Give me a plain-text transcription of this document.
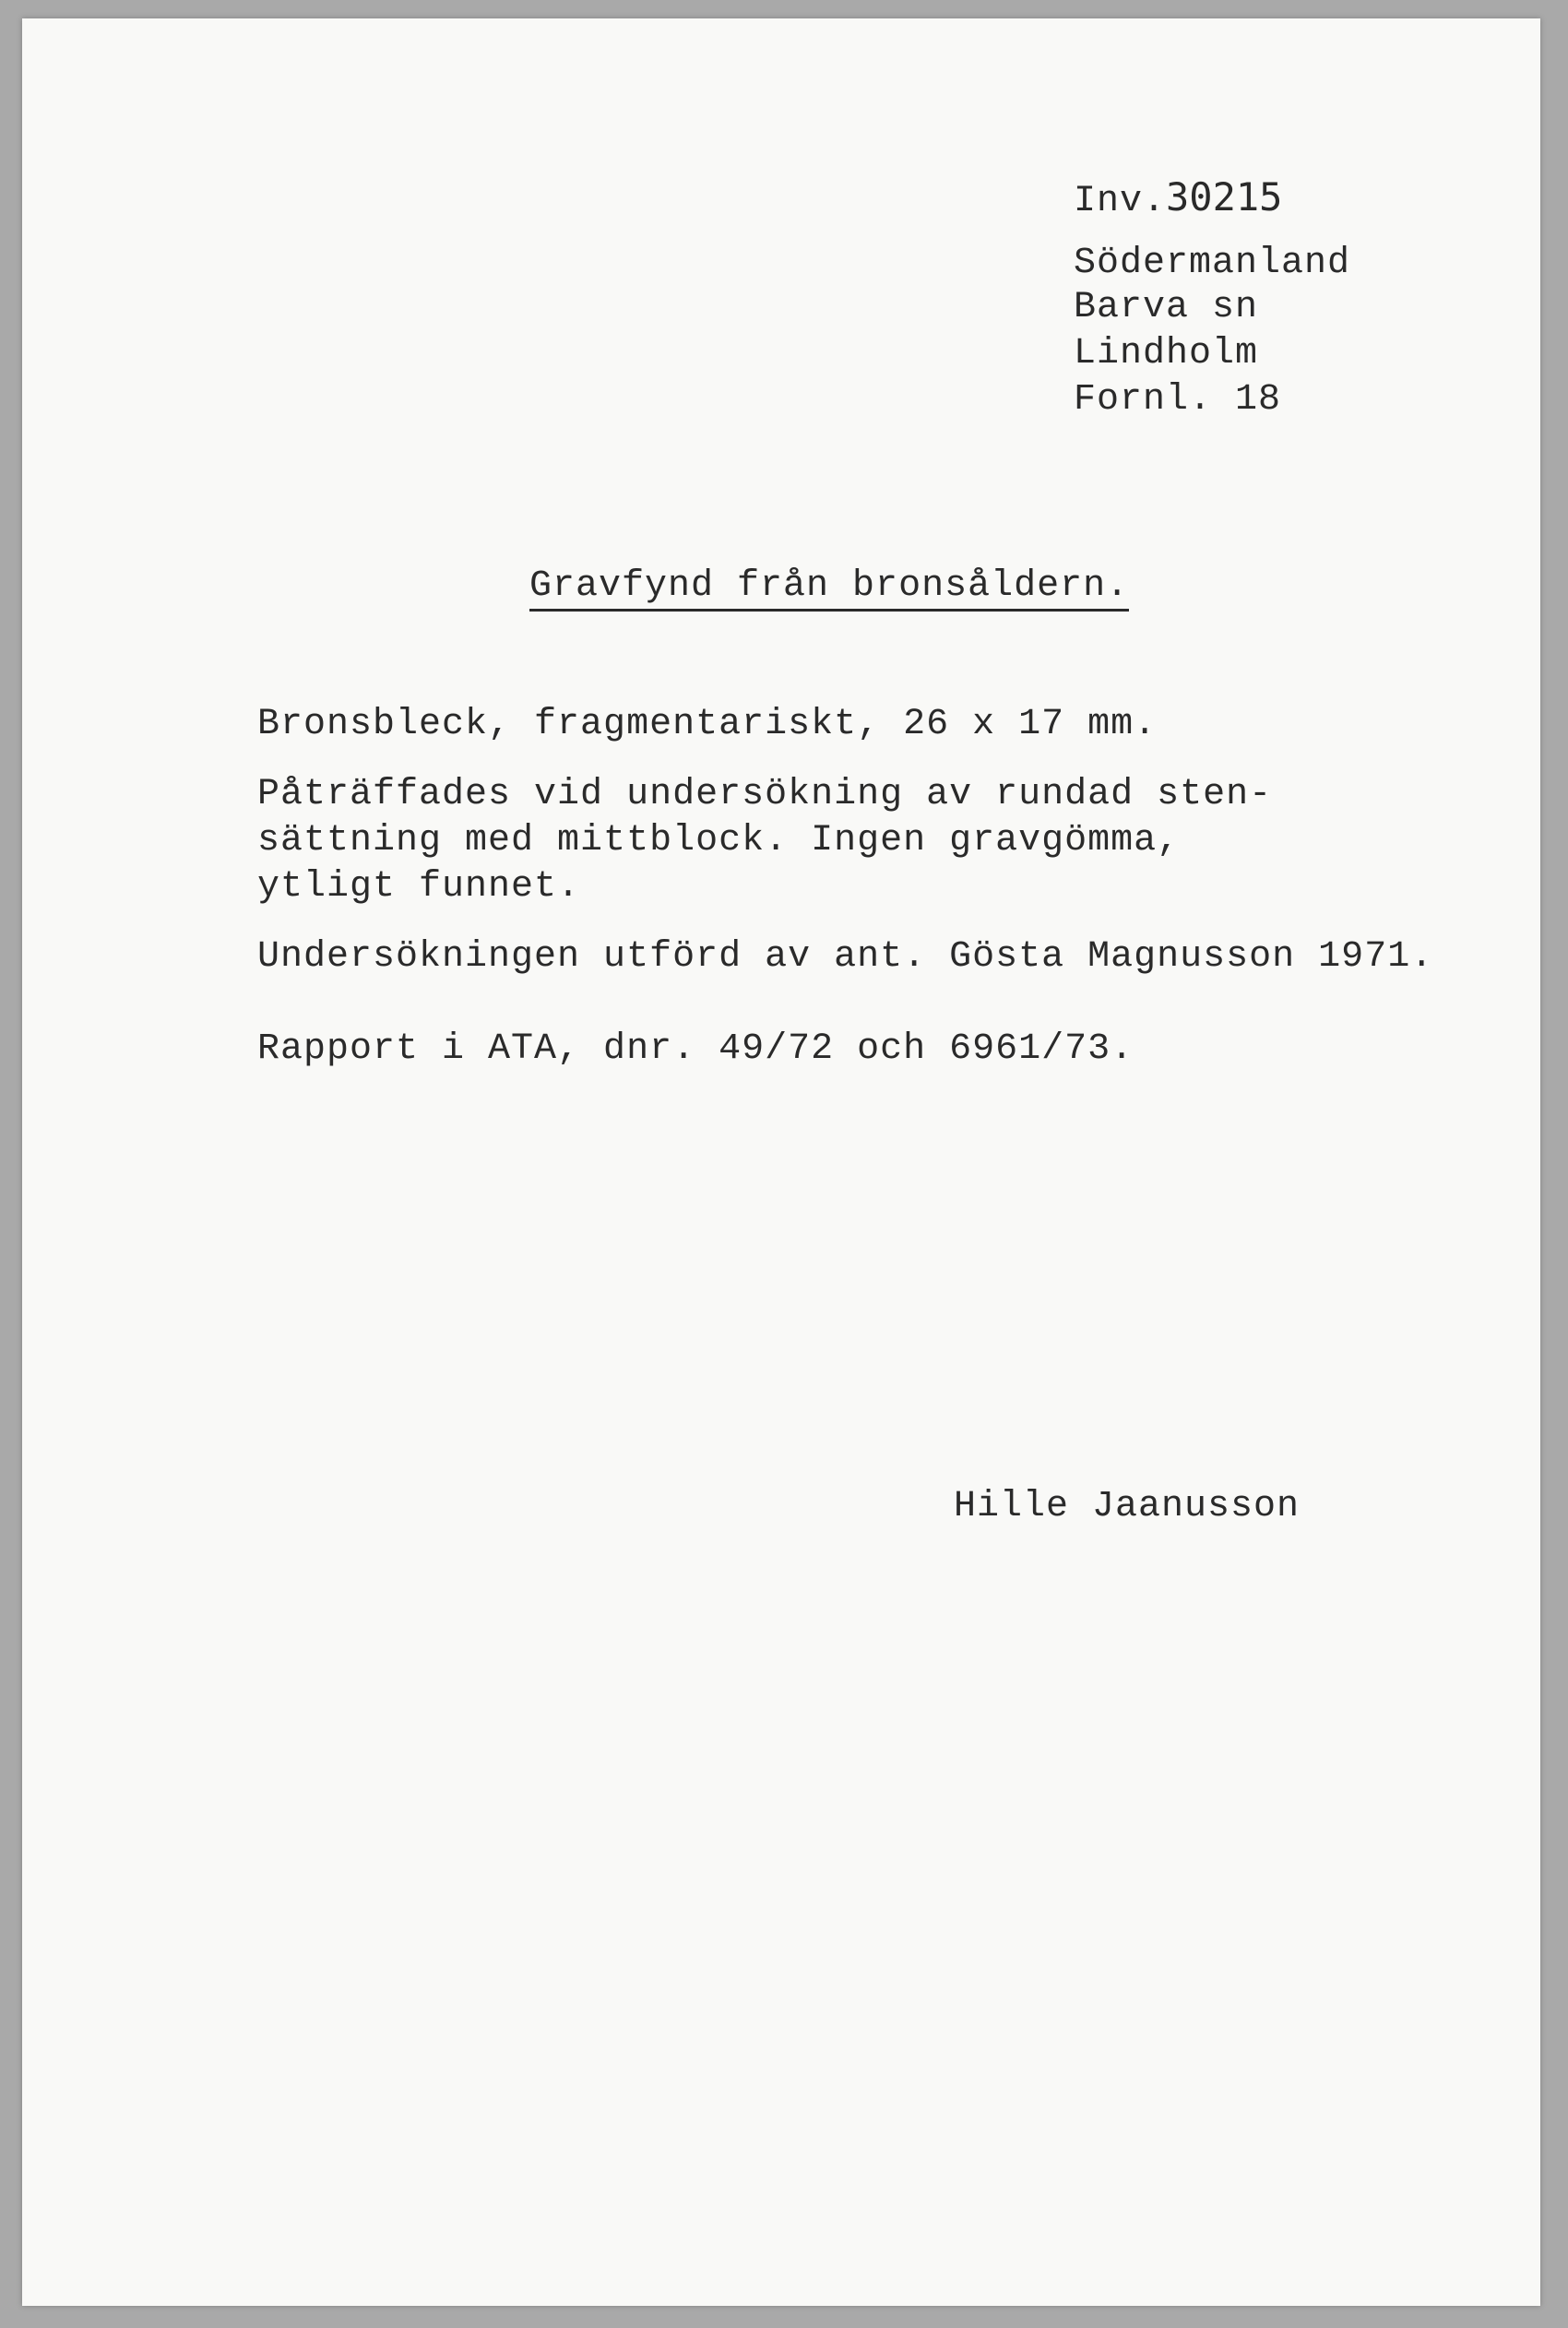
Inv.30215
Södermanland
Barva sn
Lindholm
Fornl. 18
Gravfynd från bronsåldern.
Bronsbleck, fragmentariskt, 26 x 17 mm.
Påträffades vid undersökning av rundad sten-
sättning med mittblock. Ingen gravgömma,
ytligt funnet.
Undersökningen utförd av ant. Gösta Magnusson 1971.
Rapport i ATA, dnr. 49/72 och 6961/73.
Hille Jaanusson
